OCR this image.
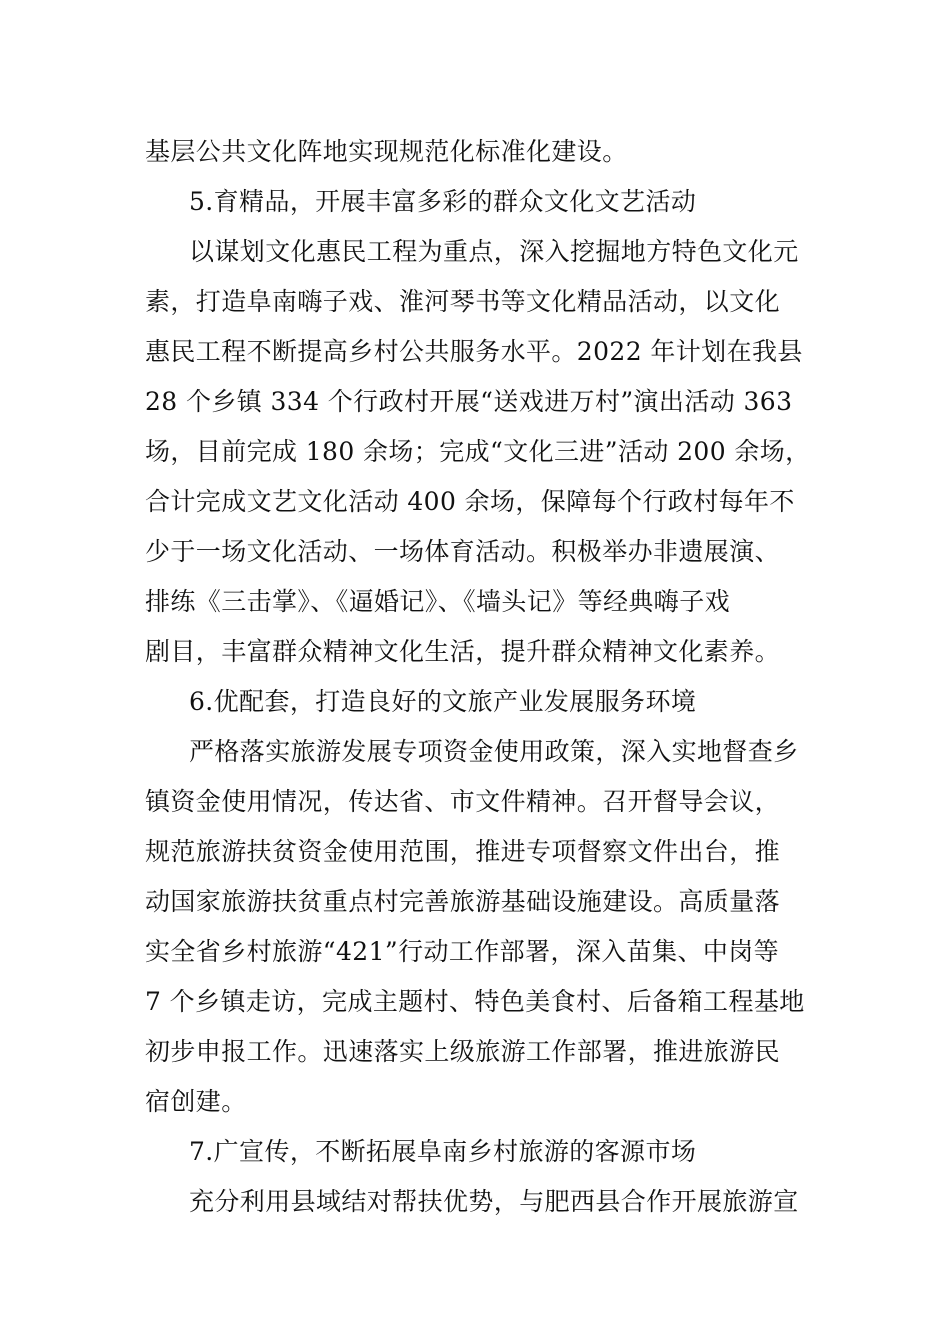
基层公共文化阵地实现规范化标准化建设。
5.育精品，开展丰富多彩的群众文化文艺活动
以谋划文化惠民工程为重点，深入挖掘地方特色文化元
素，打造阜南嗨子戏、淮河琴书等文化精品活动，以文化
惠民工程不断提高乡村公共服务水平。2022 年计划在我县
28 个乡镇 334 个行政村开展“送戏进万村”演出活动 363
场，目前完成 180 余场；完成“文化三进”活动 200 余场，
合计完成文艺文化活动 400 余场，保障每个行政村每年不
少于一场文化活动、一场体育活动。积极举办非遗展演、
排练《三击掌》、《逼婚记》、《墙头记》等经典嗨子戏
剧目，丰富群众精神文化生活，提升群众精神文化素养。
6.优配套，打造良好的文旅产业发展服务环境
严格落实旅游发展专项资金使用政策，深入实地督查乡
镇资金使用情况，传达省、市文件精神。召开督导会议，
规范旅游扶贫资金使用范围，推进专项督察文件出台，推
动国家旅游扶贫重点村完善旅游基础设施建设。高质量落
实全省乡村旅游“421”行动工作部署，深入苗集、中岗等
7 个乡镇走访，完成主题村、特色美食村、后备箱工程基地
初步申报工作。迅速落实上级旅游工作部署，推进旅游民
宿创建。
7.广宣传，不断拓展阜南乡村旅游的客源市场
充分利用县域结对帮扶优势，与肥西县合作开展旅游宣
